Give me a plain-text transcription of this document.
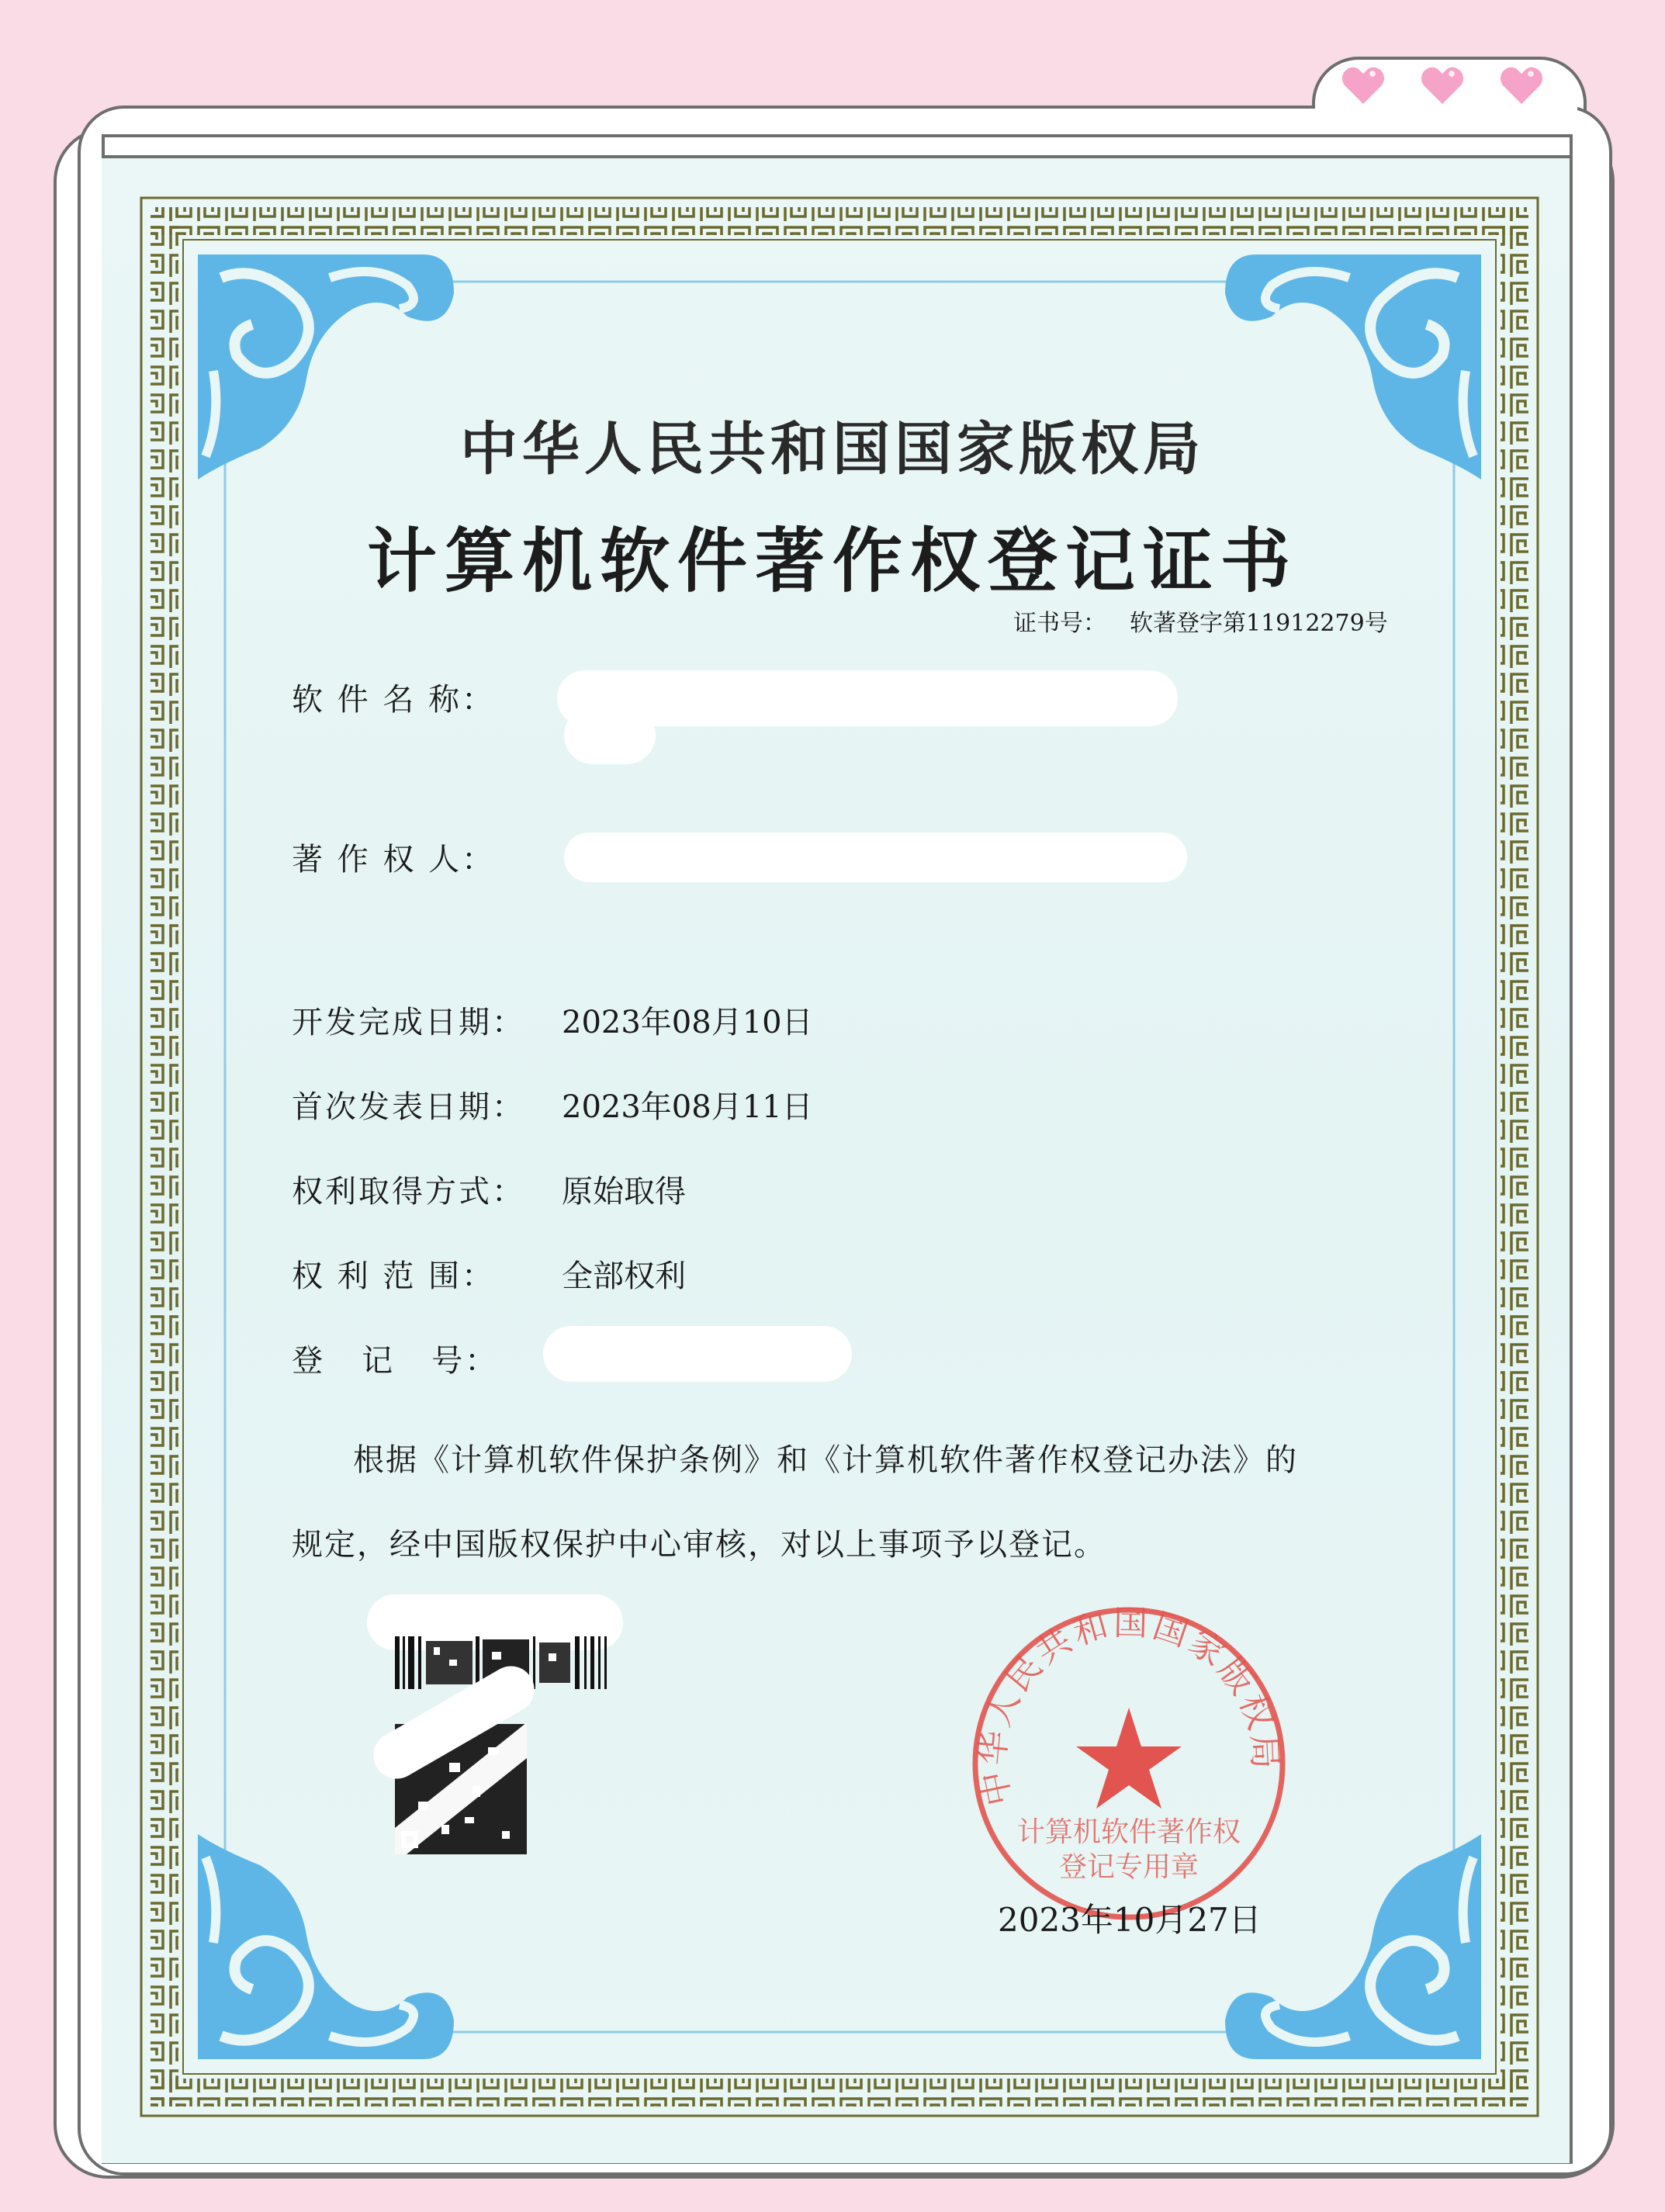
中华人民共和国国家版权局
计算机软件著作权登记证书
证书号： 软著登字第11912279号
软 件 名 称：
著 作 权 人：
开发完成日期： 2023年08月10日
首次发表日期： 2023年08月11日
权利取得方式： 原始取得
权 利 范 围： 全部权利
登   记   号：
根据《计算机软件保护条例》和《计算机软件著作权登记办法》的
规定，经中国版权保护中心审核，对以上事项予以登记。
中华人民共和国国家版权局
计算机软件著作权
登记专用章
2023年10月27日
